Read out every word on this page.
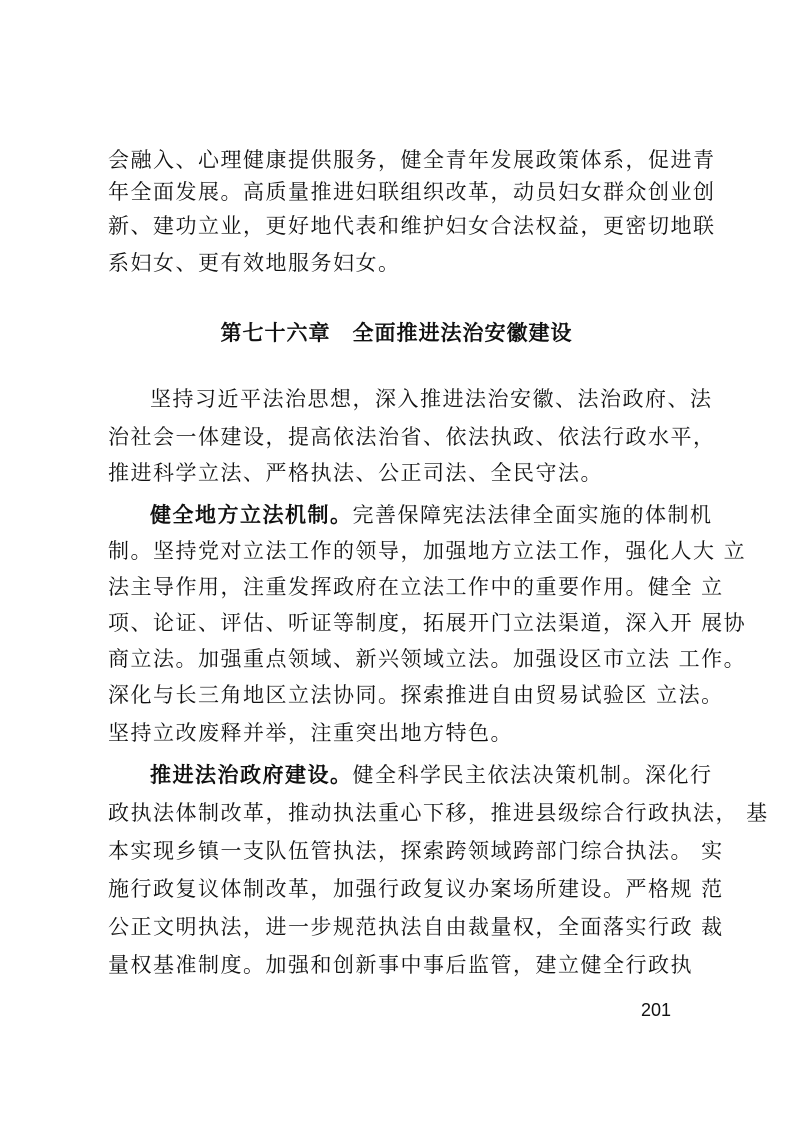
会融入、心理健康提供服务，健全青年发展政策体系，促进青
年全面发展。高质量推进妇联组织改革，动员妇女群众创业创
新、建功立业，更好地代表和维护妇女合法权益，更密切地联
系妇女、更有效地服务妇女。
第七十六章　全面推进法治安徽建设
坚持习近平法治思想，深入推进法治安徽、法治政府、法
治社会一体建设，提高依法治省、依法执政、依法行政水平，
推进科学立法、严格执法、公正司法、全民守法。
健全地方立法机制。完善保障宪法法律全面实施的体制机
制。坚持党对立法工作的领导，加强地方立法工作，强化人大 立
法主导作用，注重发挥政府在立法工作中的重要作用。健全 立
项、论证、评估、听证等制度，拓展开门立法渠道，深入开 展协
商立法。加强重点领域、新兴领域立法。加强设区市立法 工作。
深化与长三角地区立法协同。探索推进自由贸易试验区 立法。
坚持立改废释并举，注重突出地方特色。
推进法治政府建设。健全科学民主依法决策机制。深化行
政执法体制改革，推动执法重心下移，推进县级综合行政执法， 基
本实现乡镇一支队伍管执法，探索跨领域跨部门综合执法。 实
施行政复议体制改革，加强行政复议办案场所建设。严格规 范
公正文明执法，进一步规范执法自由裁量权，全面落实行政 裁
量权基准制度。加强和创新事中事后监管，建立健全行政执
201
